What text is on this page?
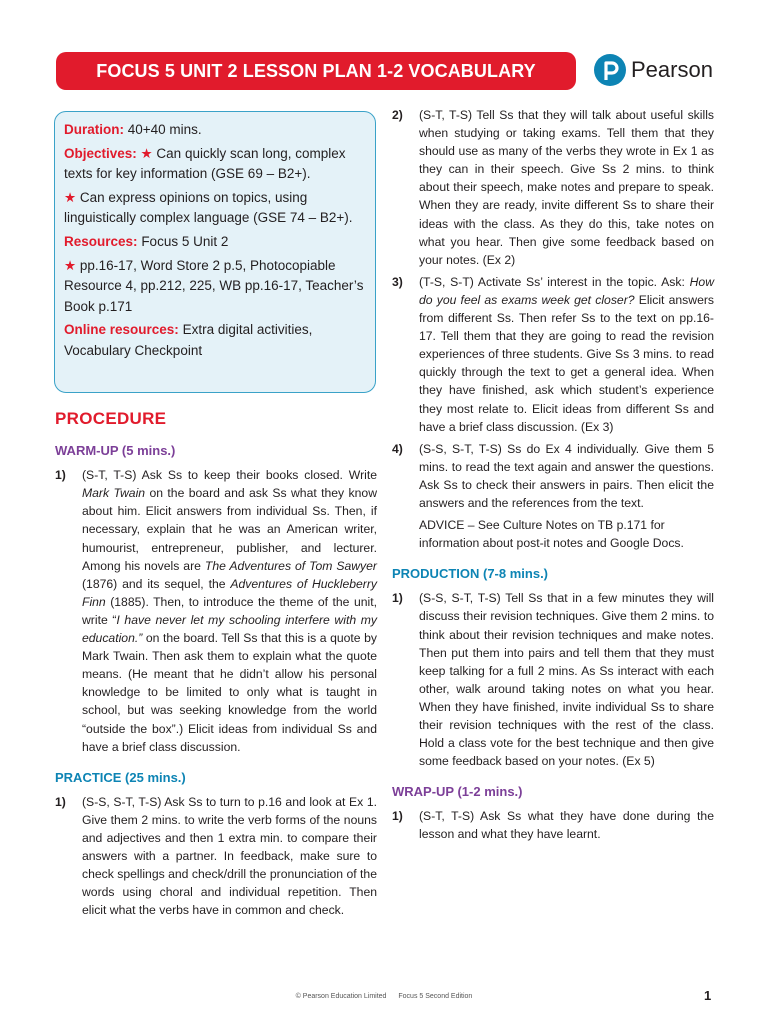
FOCUS 5 UNIT 2 LESSON PLAN 1-2 VOCABULARY	Pearson

Duration: 40+40 mins.

Objectives: ★ Can quickly scan long, complex texts for key information (GSE 69 – B2+).

★ Can express opinions on topics, using linguistically complex language (GSE 74 – B2+).

Resources: Focus 5 Unit 2

★ pp.16-17, Word Store 2 p.5, Photocopiable Resource 4, pp.212, 225, WB pp.16-17, Teacher’s Book p.171

Online resources: Extra digital activities, Vocabulary Checkpoint

PROCEDURE
WARM-UP (5 mins.)
1)	(S-T, T-S) Ask Ss to keep their books closed. Write Mark Twain on the board and ask Ss what they know about him. Elicit answers from individual Ss. Then, if necessary, explain that he was an American writer, humourist, entrepreneur, publisher, and lecturer. Among his novels are The Adventures of Tom Sawyer (1876) and its sequel, the Adventures of Huckleberry Finn (1885). Then, to introduce the theme of the unit, write “I have never let my schooling interfere with my education.” on the board. Tell Ss that this is a quote by Mark Twain. Then ask them to explain what the quote means. (He meant that he didn’t allow his personal knowledge to be limited to only what is taught in school, but was seeking knowledge from the world “outside the box”.) Elicit ideas from individual Ss and have a brief class discussion.
PRACTICE (25 mins.)
1)	(S-S, S-T, T-S) Ask Ss to turn to p.16 and look at Ex 1. Give them 2 mins. to write the verb forms of the nouns and adjectives and then 1 extra min. to compare their answers with a partner. In feedback, make sure to check spellings and check/drill the pronunciation of the words using choral and individual repetition. Then elicit what the verbs have in common and check.
2)	(S-T, T-S) Tell Ss that they will talk about useful skills when studying or taking exams. Tell them that they should use as many of the verbs they wrote in Ex 1 as they can in their speech. Give Ss 2 mins. to think about their speech, make notes and prepare to speak. When they are ready, invite different Ss to share their ideas with the class. As they do this, take notes on what you hear. Then give some feedback based on your notes. (Ex 2)
3)	(T-S, S-T) Activate Ss’ interest in the topic. Ask: How do you feel as exams week get closer? Elicit answers from different Ss. Then refer Ss to the text on pp.16-17. Tell them that they are going to read the revision experiences of three students. Give Ss 3 mins. to read quickly through the text to get a general idea. When they have finished, ask which student’s experience they most relate to. Elicit ideas from different Ss and have a brief class discussion. (Ex 3)
4)	(S-S, S-T, T-S) Ss do Ex 4 individually. Give them 5 mins. to read the text again and answer the questions. Ask Ss to check their answers in pairs. Then elicit the answers and the references from the text.
ADVICE – See Culture Notes on TB p.171 for information about post-it notes and Google Docs.
PRODUCTION (7-8 mins.)
1)	(S-S, S-T, T-S) Tell Ss that in a few minutes they will discuss their revision techniques. Give them 2 mins. to think about their revision techniques and make notes. Then put them into pairs and tell them that they must keep talking for a full 2 mins. As Ss interact with each other, walk around taking notes on what you hear. When they have finished, invite individual Ss to share their revision techniques with the rest of the class. Hold a class vote for the best technique and then give some feedback based on your notes. (Ex 5)
WRAP-UP (1-2 mins.)
1)	(S-T, T-S) Ask Ss what they have done during the lesson and what they have learnt.
© Pearson Education Limited Focus 5 Second Edition	1
